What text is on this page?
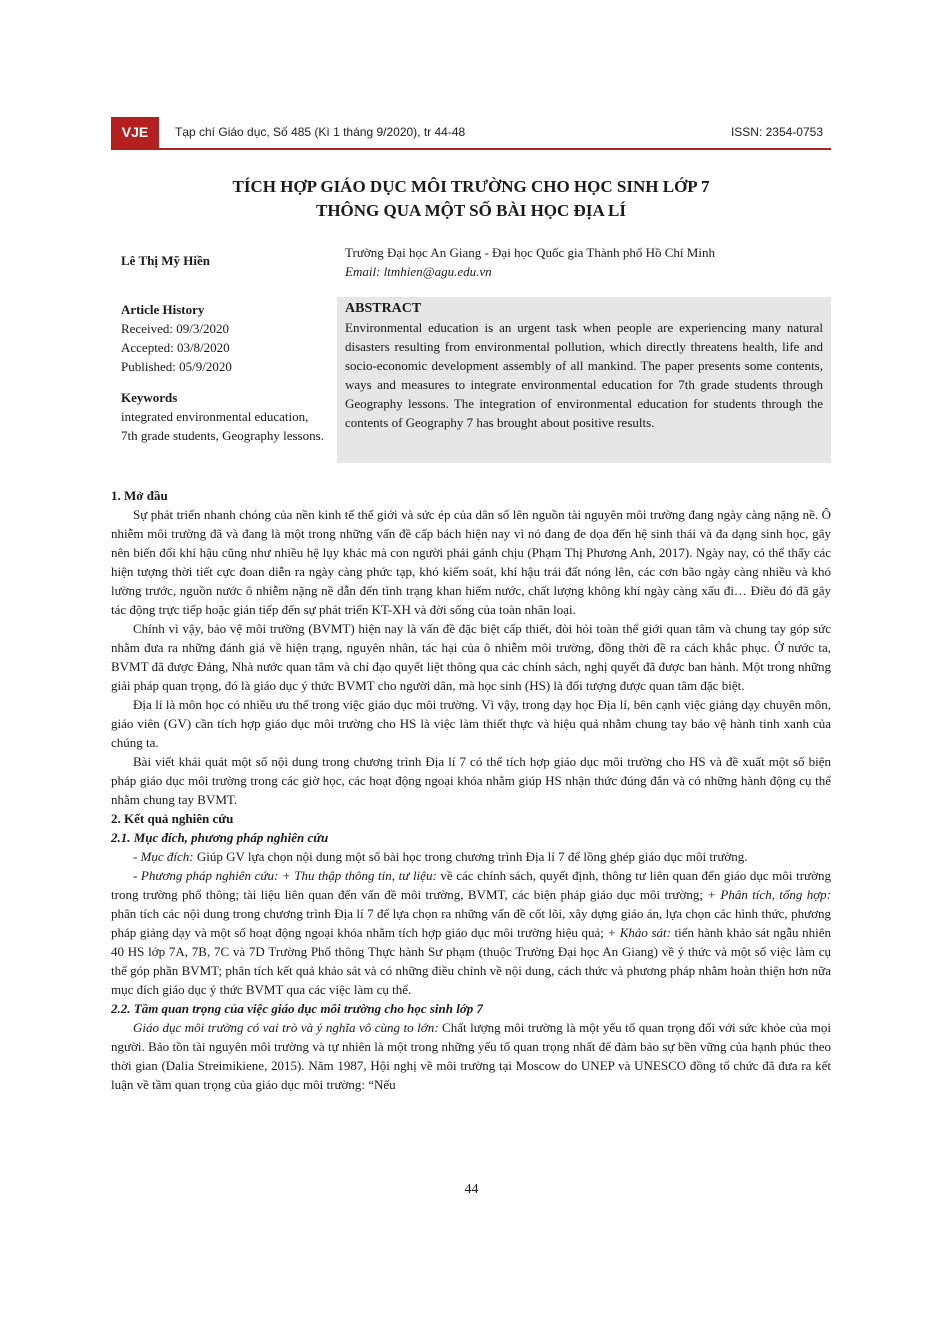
VJE	Tạp chí Giáo dục, Số 485 (Kì 1 tháng 9/2020), tr 44-48	ISSN: 2354-0753
TÍCH HỢP GIÁO DỤC MÔI TRƯỜNG CHO HỌC SINH LỚP 7
THÔNG QUA MỘT SỐ BÀI HỌC ĐỊA LÍ
Lê Thị Mỹ Hiền
Trường Đại học An Giang - Đại học Quốc gia Thành phố Hồ Chí Minh
Email: ltmhien@agu.edu.vn
Article History
Received: 09/3/2020
Accepted: 03/8/2020
Published: 05/9/2020
Keywords
integrated environmental education, 7th grade students, Geography lessons.
ABSTRACT
Environmental education is an urgent task when people are experiencing many natural disasters resulting from environmental pollution, which directly threatens health, life and socio-economic development assembly of all mankind. The paper presents some contents, ways and measures to integrate environmental education for 7th grade students through Geography lessons. The integration of environmental education for students through the contents of Geography 7 has brought about positive results.

1. Mở đầu

Sự phát triển nhanh chóng của nền kinh tế thế giới và sức ép của dân số lên nguồn tài nguyên môi trường đang ngày càng nặng nề. Ô nhiễm môi trường đã và đang là một trong những vấn đề cấp bách hiện nay vì nó đang đe dọa đến hệ sinh thái và đa dạng sinh học, gây nên biến đổi khí hậu cũng như nhiều hệ lụy khác mà con người phải gánh chịu (Phạm Thị Phương Anh, 2017). Ngày nay, có thể thấy các hiện tượng thời tiết cực đoan diễn ra ngày càng phức tạp, khó kiểm soát, khí hậu trái đất nóng lên, các cơn bão ngày càng nhiều và khó lường trước, nguồn nước ô nhiễm nặng nề dẫn đến tình trạng khan hiếm nước, chất lượng không khí ngày càng xấu đi… Điều đó đã gây tác động trực tiếp hoặc gián tiếp đến sự phát triển KT-XH và đời sống của toàn nhân loại.

Chính vì vậy, bảo vệ môi trường (BVMT) hiện nay là vấn đề đặc biệt cấp thiết, đòi hỏi toàn thể giới quan tâm và chung tay góp sức nhằm đưa ra những đánh giá về hiện trạng, nguyên nhân, tác hại của ô nhiễm môi trường, đồng thời đề ra cách khắc phục. Ở nước ta, BVMT đã được Đảng, Nhà nước quan tâm và chỉ đạo quyết liệt thông qua các chính sách, nghị quyết đã được ban hành. Một trong những giải pháp quan trọng, đó là giáo dục ý thức BVMT cho người dân, mà học sinh (HS) là đối tượng được quan tâm đặc biệt.

Địa lí là môn học có nhiều ưu thế trong việc giáo dục môi trường. Vì vậy, trong dạy học Địa lí, bên cạnh việc giảng dạy chuyên môn, giáo viên (GV) cần tích hợp giáo dục môi trường cho HS là việc làm thiết thực và hiệu quả nhằm chung tay bảo vệ hành tinh xanh của chúng ta.

Bài viết khái quát một số nội dung trong chương trình Địa lí 7 có thể tích hợp giáo dục môi trường cho HS và đề xuất một số biện pháp giáo dục môi trường trong các giờ học, các hoạt động ngoại khóa nhằm giúp HS nhận thức đúng đắn và có những hành động cụ thể nhằm chung tay BVMT.

2. Kết quả nghiên cứu

2.1. Mục đích, phương pháp nghiên cứu

- Mục đích: Giúp GV lựa chọn nội dung một số bài học trong chương trình Địa lí 7 để lồng ghép giáo dục môi trường.

- Phương pháp nghiên cứu: + Thu thập thông tin, tư liệu: về các chính sách, quyết định, thông tư liên quan đến giáo dục môi trường trong trường phổ thông; tài liệu liên quan đến vấn đề môi trường, BVMT, các biện pháp giáo dục môi trường; + Phân tích, tổng hợp: phân tích các nội dung trong chương trình Địa lí 7 để lựa chọn ra những vấn đề cốt lõi, xây dựng giáo án, lựa chọn các hình thức, phương pháp giảng dạy và một số hoạt động ngoại khóa nhằm tích hợp giáo dục môi trường hiệu quả; + Khảo sát: tiến hành khảo sát ngẫu nhiên 40 HS lớp 7A, 7B, 7C và 7D Trường Phổ thông Thực hành Sư phạm (thuộc Trường Đại học An Giang) về ý thức và một số việc làm cụ thể góp phần BVMT; phân tích kết quả khảo sát và có những điều chỉnh về nội dung, cách thức và phương pháp nhằm hoàn thiện hơn nữa mục đích giáo dục ý thức BVMT qua các việc làm cụ thể.

2.2. Tầm quan trọng của việc giáo dục môi trường cho học sinh lớp 7

Giáo dục môi trường có vai trò và ý nghĩa vô cùng to lớn: Chất lượng môi trường là một yếu tố quan trọng đối với sức khỏe của mọi người. Bảo tồn tài nguyên môi trường và tự nhiên là một trong những yếu tố quan trọng nhất để đảm bảo sự bền vững của hạnh phúc theo thời gian (Dalia Streimikiene, 2015). Năm 1987, Hội nghị về môi trường tại Moscow do UNEP và UNESCO đồng tổ chức đã đưa ra kết luận về tầm quan trọng của giáo dục môi trường: “Nếu

44
